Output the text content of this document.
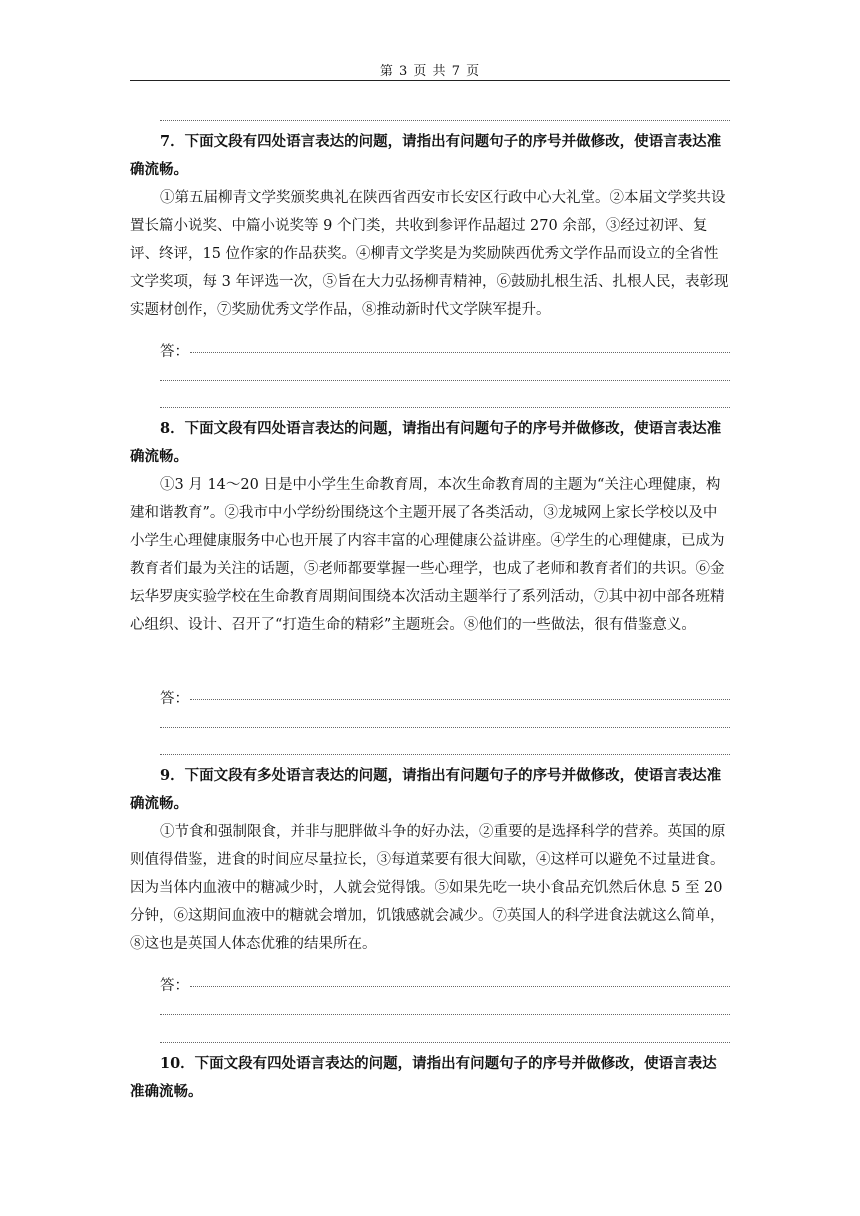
第 3 页 共 7 页
7．下面文段有四处语言表达的问题，请指出有问题句子的序号并做修改，使语言表达准确流畅。
①第五届柳青文学奖颁奖典礼在陕西省西安市长安区行政中心大礼堂。②本届文学奖共设置长篇小说奖、中篇小说奖等 9 个门类，共收到参评作品超过 270 余部，③经过初评、复评、终评，15 位作家的作品获奖。④柳青文学奖是为奖励陕西优秀文学作品而设立的全省性文学奖项，每 3 年评选一次，⑤旨在大力弘扬柳青精神，⑥鼓励扎根生活、扎根人民，表彰现实题材创作，⑦奖励优秀文学作品，⑧推动新时代文学陕军提升。
答：
8．下面文段有四处语言表达的问题，请指出有问题句子的序号并做修改，使语言表达准确流畅。
①3 月 14～20 日是中小学生生命教育周，本次生命教育周的主题为“关注心理健康，构建和谐教育”。②我市中小学纷纷围绕这个主题开展了各类活动，③龙城网上家长学校以及中小学生心理健康服务中心也开展了内容丰富的心理健康公益讲座。④学生的心理健康，已成为教育者们最为关注的话题，⑤老师都要掌握一些心理学，也成了老师和教育者们的共识。⑥金坛华罗庚实验学校在生命教育周期间围绕本次活动主题举行了系列活动，⑦其中初中部各班精心组织、设计、召开了“打造生命的精彩”主题班会。⑧他们的一些做法，很有借鉴意义。
答：
9．下面文段有多处语言表达的问题，请指出有问题句子的序号并做修改，使语言表达准确流畅。
①节食和强制限食，并非与肥胖做斗争的好办法，②重要的是选择科学的营养。英国的原则值得借鉴，进食的时间应尽量拉长，③每道菜要有很大间歇，④这样可以避免不过量进食。因为当体内血液中的糖减少时，人就会觉得饿。⑤如果先吃一块小食品充饥然后休息 5 至 20 分钟，⑥这期间血液中的糖就会增加，饥饿感就会减少。⑦英国人的科学进食法就这么简单，⑧这也是英国人体态优雅的结果所在。
答：
10．下面文段有四处语言表达的问题，请指出有问题句子的序号并做修改，使语言表达准确流畅。
